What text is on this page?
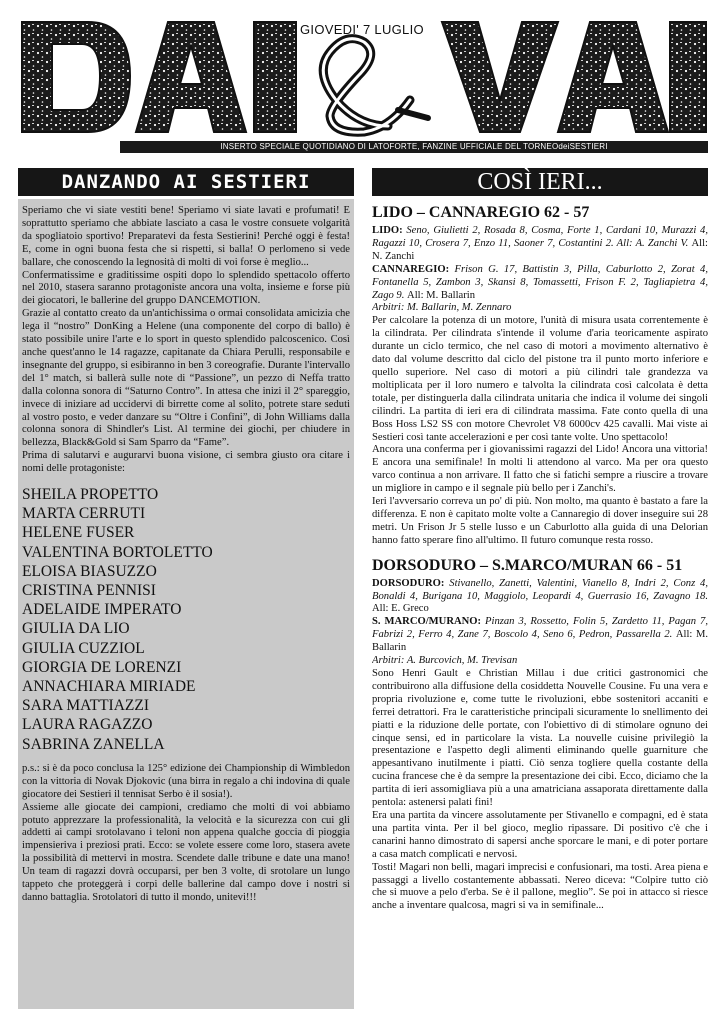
GIOVEDI' 7 LUGLIO
INSERTO SPECIALE QUOTIDIANO DI LATOFORTE, FANZINE UFFICIALE DEL TORNEOdeiSESTIERI
DANZANDO AI SESTIERI

Speriamo che vi siate vestiti bene! Speriamo vi siate lavati e profumati! E soprattutto speriamo che abbiate lasciato a casa le vostre consuete volgarità da spogliatoio sportivo! Preparatevi da festa Sestierini! Perché oggi è festa! E, come in ogni buona festa che si rispetti, si balla! O perlomeno si vede ballare, che conoscendo la legnosità di molti di voi forse è meglio...

Confermatissime e graditissime ospiti dopo lo splendido spettacolo offerto nel 2010, stasera saranno protagoniste ancora una volta, insieme e forse più dei giocatori, le ballerine del gruppo DANCEMOTION.

Grazie al contatto creato da un'antichissima o ormai consolidata amicizia che lega il “nostro” DonKing a Helene (una componente del corpo di ballo) è stato possibile unire l'arte e lo sport in questo splendido palcoscenico. Così anche quest'anno le 14 ragazze, capitanate da Chiara Perulli, responsabile e insegnante del gruppo, si esibiranno in ben 3 coreografie. Durante l'intervallo del 1° match, si ballerà sulle note di “Passione”, un pezzo di Neffa tratto dalla colonna sonora di “Saturno Contro”. In attesa che inizi il 2° spareggio, invece di iniziare ad uccidervi di birrette come al solito, potrete stare seduti al vostro posto, e veder danzare su “Oltre i Confini”, di John Williams dalla colonna sonora di Shindler's List. Al termine dei giochi, per chiudere in bellezza, Black&Gold si Sam Sparro da “Fame”.

Prima di salutarvi e augurarvi buona visione, ci sembra giusto ora citare i nomi delle protagoniste:

SHEILA PROPETTO
MARTA CERRUTI
HELENE FUSER
VALENTINA BORTOLETTO
ELOISA BIASUZZO
CRISTINA PENNISI
ADELAIDE IMPERATO
GIULIA DA LIO
GIULIA CUZZIOL
GIORGIA DE LORENZI
ANNACHIARA MIRIADE
SARA MATTIAZZI
LAURA RAGAZZO
SABRINA ZANELLA

p.s.: si è da poco conclusa la 125° edizione dei Championship di Wimbledon con la vittoria di Novak Djokovic (una birra in regalo a chi indovina di quale giocatore dei Sestieri il tennisat Serbo è il sosia!).

Assieme alle giocate dei campioni, crediamo che molti di voi abbiamo potuto apprezzare la professionalità, la velocità e la sicurezza con cui gli addetti ai campi srotolavano i teloni non appena qualche goccia di pioggia impensieriva i preziosi prati. Ecco: se volete essere come loro, stasera avete la possibilità di mettervi in mostra. Scendete dalle tribune e date una mano! Un team di ragazzi dovrà occuparsi, per ben 3 volte, di srotolare un lungo tappeto che proteggerà i corpi delle ballerine dal campo dove i nostri si danno battaglia. Srotolatori di tutto il mondo, unitevi!!!

COSÌ IERI...
LIDO – CANNAREGIO 62 - 57

LIDO: Seno, Giulietti 2, Rosada 8, Cosma, Forte 1, Cardani 10, Murazzi 4, Ragazzi 10, Crosera 7, Enzo 11, Saoner 7, Costantini 2. All: A. Zanchi V. All: N. Zanchi

CANNAREGIO: Frison G. 17, Battistin 3, Pilla, Caburlotto 2, Zorat 4, Fontanella 5, Zambon 3, Skansi 8, Tomassetti, Frison F. 2, Tagliapietra 4, Zago 9. All: M. Ballarin

Arbitri: M. Ballarin, M. Zennaro

Per calcolare la potenza di un motore, l'unità di misura usata correntemente è la cilindrata. Per cilindrata s'intende il volume d'aria teoricamente aspirato durante un ciclo termico, che nel caso di motori a movimento alternativo è dato dal volume descritto dal ciclo del pistone tra il punto morto inferiore e quello superiore. Nel caso di motori a più cilindri tale grandezza va moltiplicata per il loro numero e talvolta la cilindrata così calcolata è detta totale, per distinguerla dalla cilindrata unitaria che indica il volume dei singoli cilindri. La partita di ieri era di cilindrata massima. Fate conto quella di una Boss Hoss LS2 SS con motore Chevrolet V8 6000cv 425 cavalli. Mai viste ai Sestieri così tante accelerazioni e per così tante volte. Uno spettacolo!

Ancora una conferma per i giovanissimi ragazzi del Lido! Ancora una vittoria! E ancora una semifinale! In molti li attendono al varco. Ma per ora questo varco continua a non arrivare. Il fatto che si fatichi sempre a riuscire a trovare un migliore in campo e il segnale più bello per i Zanchi's.

Ieri l'avversario correva un po' di più. Non molto, ma quanto è bastato a fare la differenza. E non è capitato molte volte a Cannaregio di dover inseguire sui 28 metri. Un Frison Jr 5 stelle lusso e un Caburlotto alla guida di una Delorian hanno fatto sperare fino all'ultimo. Il futuro comunque resta rosso.

DORSODURO – S.MARCO/MURAN 66 - 51

DORSODURO: Stivanello, Zanetti, Valentini, Vianello 8, Indri 2, Conz 4, Bonaldi 4, Burigana 10, Maggiolo, Leopardi 4, Guerrasio 16, Zavagno 18. All: E. Greco

S. MARCO/MURANO: Pinzan 3, Rossetto, Folin 5, Zardetto 11, Pagan 7, Fabrizi 2, Ferro 4, Zane 7, Boscolo 4, Seno 6, Pedron, Passarella 2. All: M. Ballarin

Arbitri: A. Burcovich, M. Trevisan

Sono Henri Gault e Christian Millau i due critici gastronomici che contribuirono alla diffusione della cosiddetta Nouvelle Cousine. Fu una vera e propria rivoluzione e, come tutte le rivoluzioni, ebbe sostenitori accaniti e ferrei detrattori. Fra le caratteristiche principali sicuramente lo snellimento dei piatti e la riduzione delle portate, con l'obiettivo di di stimolare ognuno dei cinque sensi, ed in particolare la vista. La nouvelle cuisine privilegiò la presentazione e l'aspetto degli alimenti eliminando quelle guarniture che appesantivano inutilmente i piatti. Ciò senza togliere quella costante della cucina francese che è da sempre la presentazione dei cibi. Ecco, diciamo che la partita di ieri assomigliava più a una amatriciana assaporata direttamente dalla pentola: astenersi palati fini!

Era una partita da vincere assolutamente per Stivanello e compagni, ed è stata una partita vinta. Per il bel gioco, meglio ripassare. Di positivo c'è che i canarini hanno dimostrato di sapersi anche sporcare le mani, e di poter portare a casa match complicati e nervosi.

Tosti! Magari non belli, magari imprecisi e confusionari, ma tosti. Area piena e passaggi a livello costantemente abbassati. Nereo diceva: “Colpire tutto ciò che si muove a pelo d'erba. Se è il pallone, meglio”. Se poi in attacco si riesce anche a inventare qualcosa, magri si va in semifinale...
